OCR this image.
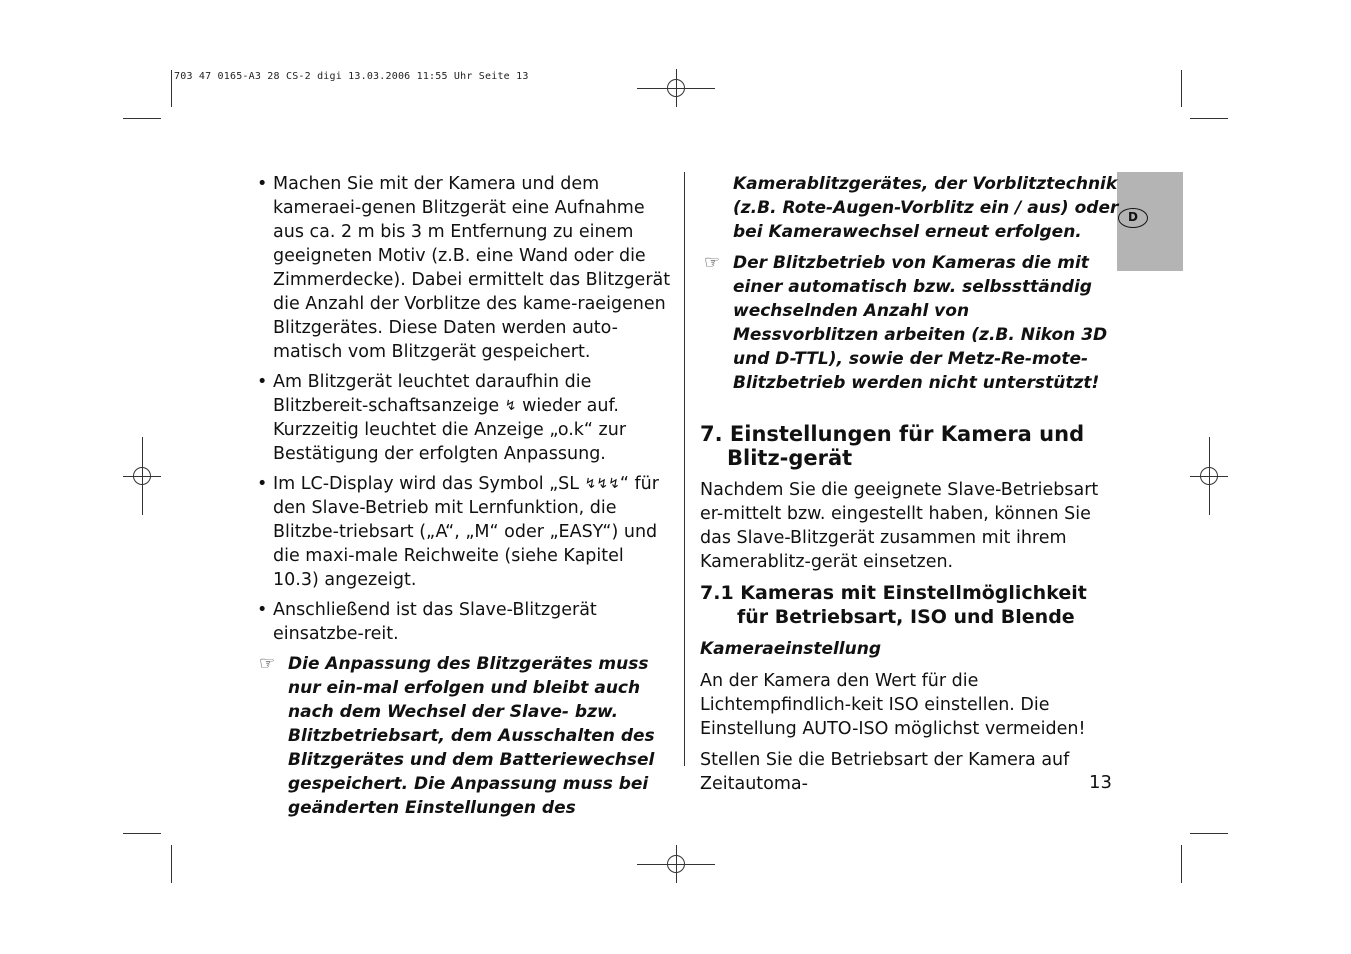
703 47 0165-A3 28 CS-2 digi 13.03.2006 11:55 Uhr Seite 13
D
• Machen Sie mit der Kamera und dem kameraei-genen Blitzgerät eine Aufnahme aus ca. 2 m bis 3 m Entfernung zu einem geeigneten Motiv (z.B. eine Wand oder die Zimmerdecke). Dabei ermittelt das Blitzgerät die Anzahl der Vorblitze des kame-raeigenen Blitzgerätes. Diese Daten werden auto-matisch vom Blitzgerät gespeichert.
• Am Blitzgerät leuchtet daraufhin die Blitzbereit-schaftsanzeige ↯ wieder auf. Kurzzeitig leuchtet die Anzeige „o.k“ zur Bestätigung der erfolgten Anpassung.
• Im LC-Display wird das Symbol „SL ↯↯↯“ für den Slave-Betrieb mit Lernfunktion, die Blitzbe-triebsart („A“, „M“ oder „EASY“) und die maxi-male Reichweite (siehe Kapitel 10.3) angezeigt.
• Anschließend ist das Slave-Blitzgerät einsatzbe-reit.
☞ Die Anpassung des Blitzgerätes muss nur ein-mal erfolgen und bleibt auch nach dem Wechsel der Slave- bzw. Blitzbetriebsart, dem Ausschalten des Blitzgerätes und dem Batteriewechsel gespeichert. Die Anpassung muss bei geänderten Einstellungen des
Kamerablitzgerätes, der Vorblitztechnik (z.B. Rote-Augen-Vorblitz ein / aus) oder bei Kamerawechsel erneut erfolgen.
☞ Der Blitzbetrieb von Kameras die mit einer automatisch bzw. selbssttändig wechselnden Anzahl von Messvorblitzen arbeiten (z.B. Nikon 3D und D-TTL), sowie der Metz-Re-mote-Blitzbetrieb werden nicht unterstützt!
7. Einstellungen für Kamera und Blitz-gerät
Nachdem Sie die geeignete Slave-Betriebsart er-mittelt bzw. eingestellt haben, können Sie das Slave-Blitzgerät zusammen mit ihrem Kamerablitz-gerät einsetzen.
7.1 Kameras mit Einstellmöglichkeit für Betriebsart, ISO und Blende
Kameraeinstellung
An der Kamera den Wert für die Lichtempfindlich-keit ISO einstellen. Die Einstellung AUTO-ISO möglichst vermeiden!
Stellen Sie die Betriebsart der Kamera auf Zeitautoma-	13
